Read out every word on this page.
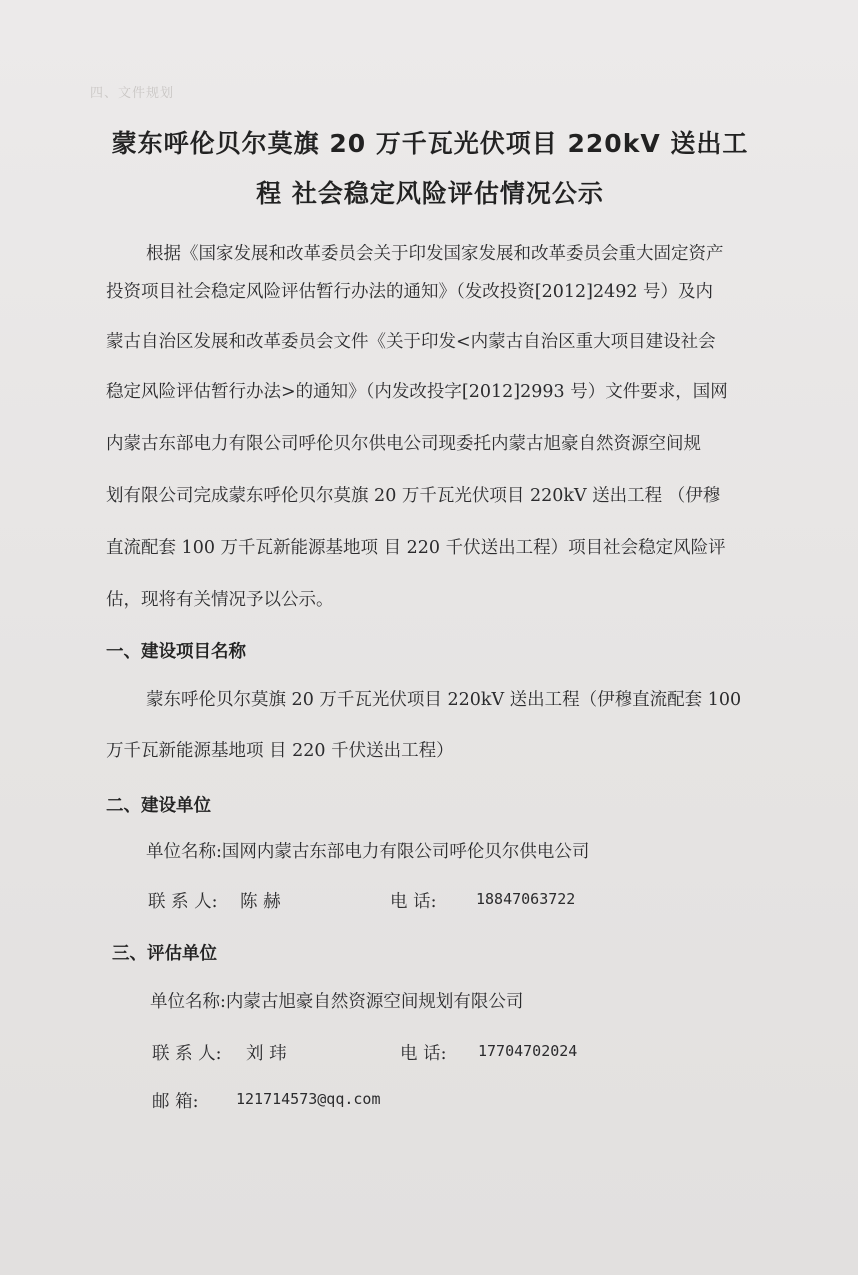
四、文件规划
蒙东呼伦贝尔莫旗 20 万千瓦光伏项目 220kV 送出工
程 社会稳定风险评估情况公示
根据《国家发展和改革委员会关于印发国家发展和改革委员会重大固定资产
投资项目社会稳定风险评估暂行办法的通知》（发改投资[2012]2492 号）及内
蒙古自治区发展和改革委员会文件《关于印发<内蒙古自治区重大项目建设社会
稳定风险评估暂行办法>的通知》（内发改投字[2012]2993 号）文件要求，国网
内蒙古东部电力有限公司呼伦贝尔供电公司现委托内蒙古旭豪自然资源空间规
划有限公司完成蒙东呼伦贝尔莫旗 20 万千瓦光伏项目 220kV 送出工程 （伊穆
直流配套 100 万千瓦新能源基地项 目 220 千伏送出工程）项目社会稳定风险评
估，现将有关情况予以公示。
一、建设项目名称
蒙东呼伦贝尔莫旗 20 万千瓦光伏项目 220kV 送出工程（伊穆直流配套 100
万千瓦新能源基地项 目 220 千伏送出工程）
二、建设单位
单位名称:国网内蒙古东部电力有限公司呼伦贝尔供电公司
联 系 人: 陈 赫	电 话:	18847063722
三、评估单位
单位名称:内蒙古旭豪自然资源空间规划有限公司
联 系 人: 刘 玮	电 话: 17704702024
邮 箱:	121714573@qq.com
